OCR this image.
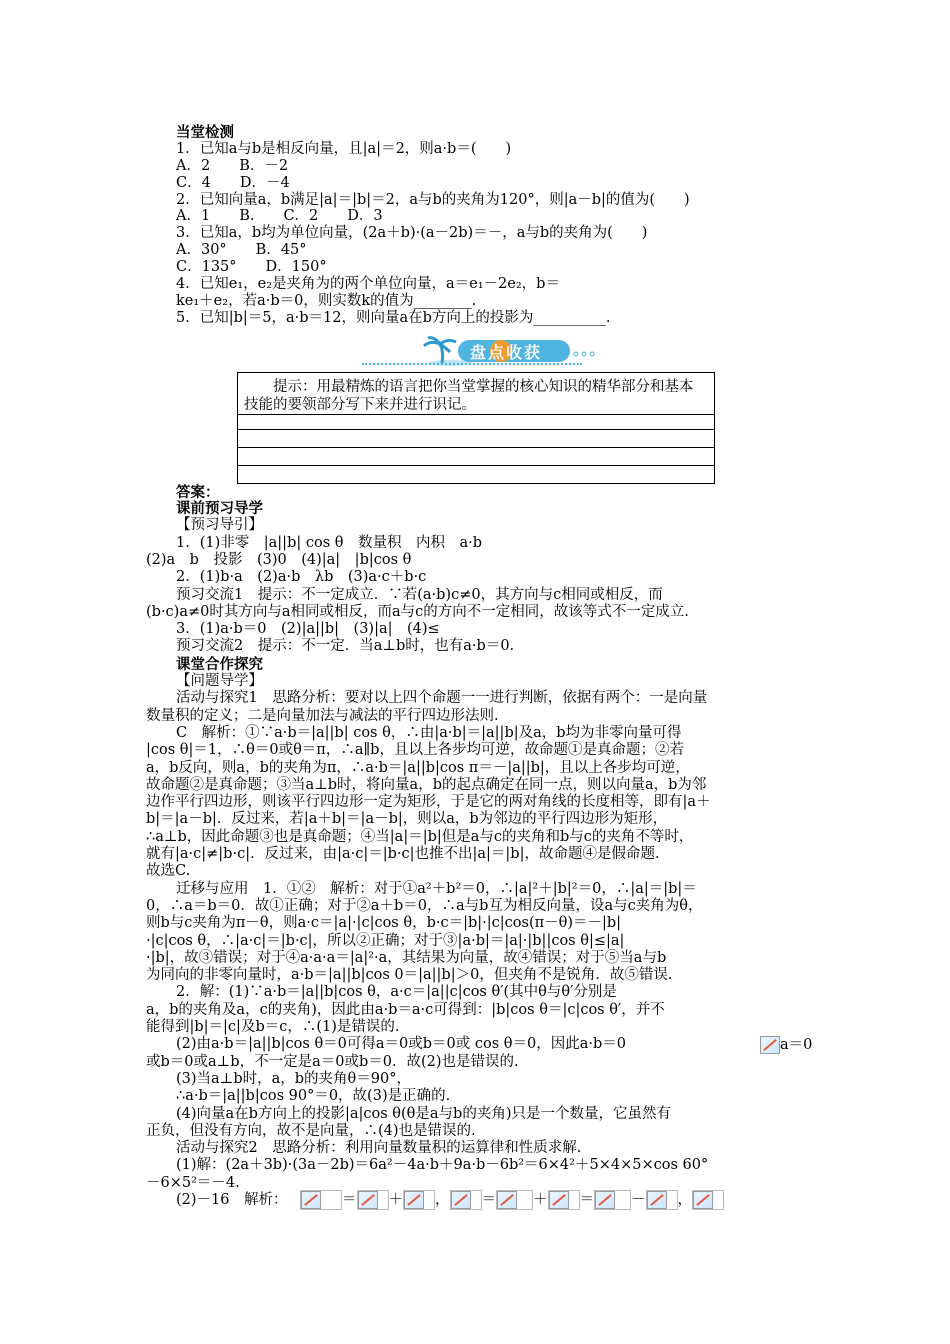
当堂检测
1．已知a与b是相反向量，且|a|＝2，则a·b＝(　　)
A．2　　B．－2
C．4　　D．－4
2．已知向量a，b满足|a|＝|b|＝2，a与b的夹角为120°，则|a－b|的值为(　　)
A．1　　B.　　C．2　　D．3
3．已知a，b均为单位向量，(2a＋b)·(a－2b)＝－，a与b的夹角为(　　)
A．30°　　B．45°
C．135°　　D．150°
4．已知e₁，e₂是夹角为的两个单位向量，a＝e₁－2e₂，b＝
ke₁＋e₂，若a·b＝0，则实数k的值为________.
5．已知|b|＝5，a·b＝12，则向量a在b方向上的投影为__________.
盘点收获
提示：用最精炼的语言把你当堂掌握的核心知识的精华部分和基本技能的要领部分写下来并进行识记。
答案：
课前预习导学
【预习导引】
1．(1)非零　|a||b| cos θ　数量积　内积　a·b
(2)a　b　投影　(3)0　(4)|a|　|b|cos θ
2．(1)b·a　(2)a·b　λb　(3)a·c＋b·c
预习交流1　提示：不一定成立．∵若(a·b)c≠0，其方向与c相同或相反，而
(b·c)a≠0时其方向与a相同或相反，而a与c的方向不一定相同，故该等式不一定成立.
3．(1)a·b＝0　(2)|a||b|　(3)|a|　(4)≤
预习交流2　提示：不一定．当a⊥b时，也有a·b＝0.
课堂合作探究
【问题导学】
活动与探究1　思路分析：要对以上四个命题一一进行判断，依据有两个：一是向量
数量积的定义；二是向量加法与减法的平行四边形法则.
C　解析：①∵a·b＝|a||b| cos θ，∴由|a·b|＝|a||b|及a，b均为非零向量可得
|cos θ|＝1，∴θ＝0或θ＝π，∴a∥b，且以上各步均可逆，故命题①是真命题；②若
a，b反向，则a，b的夹角为π，∴a·b＝|a||b|cos π＝－|a||b|，且以上各步均可逆，
故命题②是真命题；③当a⊥b时，将向量a，b的起点确定在同一点，则以向量a，b为邻
边作平行四边形，则该平行四边形一定为矩形，于是它的两对角线的长度相等，即有|a＋
b|＝|a－b|．反过来，若|a＋b|＝|a－b|，则以a，b为邻边的平行四边形为矩形，
∴a⊥b，因此命题③也是真命题；④当|a|＝|b|但是a与c的夹角和b与c的夹角不等时，
就有|a·c|≠|b·c|．反过来，由|a·c|＝|b·c|也推不出|a|＝|b|，故命题④是假命题．
故选C.
迁移与应用　1．①②　解析：对于①a²＋b²＝0，∴|a|²＋|b|²＝0，∴|a|＝|b|＝
0，∴a＝b＝0．故①正确；对于②a＋b＝0，∴a与b互为相反向量，设a与c夹角为θ，
则b与c夹角为π－θ，则a·c＝|a|·|c|cos θ，b·c＝|b|·|c|cos(π－θ)＝－|b|
·|c|cos θ，∴|a·c|＝|b·c|，所以②正确；对于③|a·b|＝|a|·|b||cos θ|≤|a|
·|b|，故③错误；对于④a·a·a＝|a|²·a，其结果为向量，故④错误；对于⑤当a与b
为同向的非零向量时，a·b＝|a||b|cos 0＝|a||b|＞0，但夹角不是锐角．故⑤错误.
2．解：(1)∵a·b＝|a||b|cos θ，a·c＝|a||c|cos θ′(其中θ与θ′分别是
a，b的夹角及a，c的夹角)，因此由a·b＝a·c可得到：|b|cos θ＝|c|cos θ′，并不
能得到|b|＝|c|及b＝c，∴(1)是错误的.
(2)由a·b＝|a||b|cos θ＝0可得a＝0或b＝0或 cos θ＝0，因此a·b＝0
或b＝0或a⊥b，不一定是a＝0或b＝0．故(2)也是错误的.
(3)当a⊥b时，a，b的夹角θ＝90°，
∴a·b＝|a||b|cos 90°＝0，故(3)是正确的.
(4)向量a在b方向上的投影|a|cos θ(θ是a与b的夹角)只是一个数量，它虽然有
正负，但没有方向，故不是向量，∴(4)也是错误的.
活动与探究2　思路分析：利用向量数量积的运算律和性质求解.
(1)解：(2a＋3b)·(3a－2b)＝6a²－4a·b＋9a·b－6b²＝6×4²＋5×4×5×cos 60°
－6×5²＝－4.
(2)－16　解析：
a＝0
＝ ＋ ， ＝	＋ ＝	－ ，
